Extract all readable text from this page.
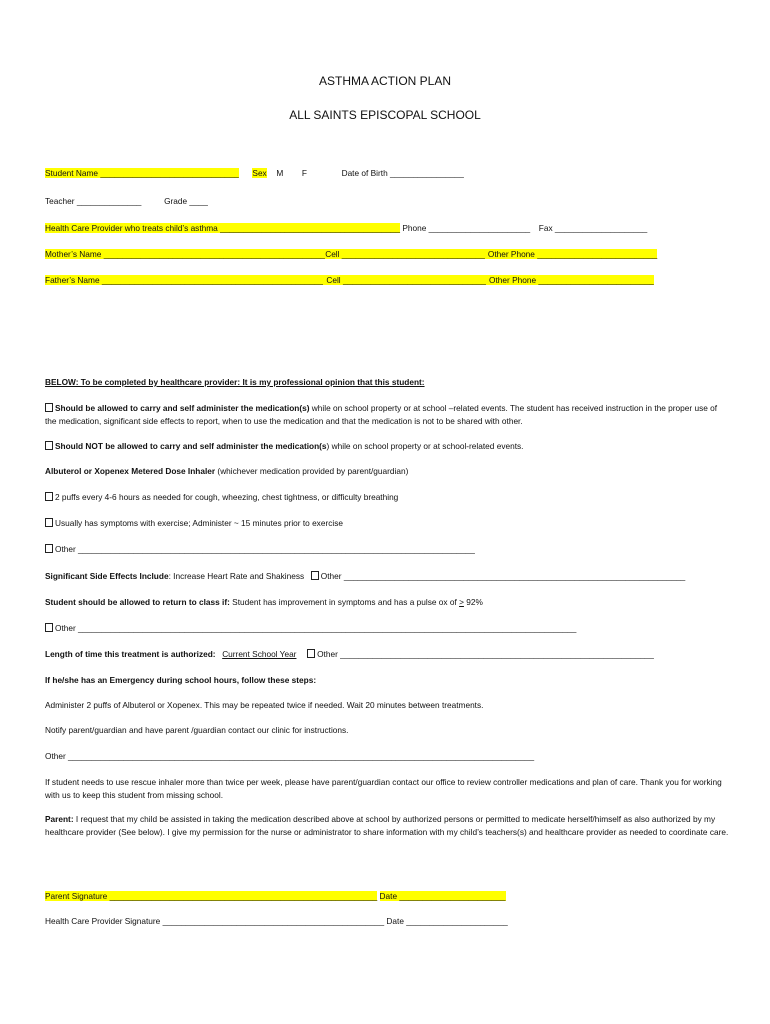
ASTHMA ACTION PLAN
ALL SAINTS EPISCOPAL SCHOOL
Student Name ______________________________ Sex M F	Date of Birth ________________
Teacher ______________	Grade ____
Health Care Provider who treats child’s asthma _______________________________________ Phone ______________________ Fax ____________________
Mother’s Name ________________________________________________Cell _______________________________ Other Phone __________________________
Father’s Name ________________________________________________ Cell _______________________________ Other Phone _________________________
BELOW: To be completed by healthcare provider: It is my professional opinion that this student:
Should be allowed to carry and self administer the medication(s) while on school property or at school –related events. The student has received instruction in the proper use of the medication, significant side effects to report, when to use the medication and that the medication is not to be shared with other.
Should NOT be allowed to carry and self administer the medication(s) while on school property or at school-related events.
Albuterol or Xopenex Metered Dose Inhaler (whichever medication provided by parent/guardian)
2 puffs every 4-6 hours as needed for cough, wheezing, chest tightness, or difficulty breathing
Usually has symptoms with exercise; Administer ~ 15 minutes prior to exercise
Other ______________________________________________________________________________________
Significant Side Effects Include: Increase Heart Rate and Shakiness Other __________________________________________________________________________
Student should be allowed to return to class if: Student has improvement in symptoms and has a pulse ox of ≥ 92%
Other ____________________________________________________________________________________________________________
Length of time this treatment is authorized: Current School Year Other ____________________________________________________________________
If he/she has an Emergency during school hours, follow these steps:
Administer 2 puffs of Albuterol or Xopenex. This may be repeated twice if needed. Wait 20 minutes between treatments.
Notify parent/guardian and have parent /guardian contact our clinic for instructions.
Other _____________________________________________________________________________________________________
If student needs to use rescue inhaler more than twice per week, please have parent/guardian contact our office to review controller medications and plan of care. Thank you for working with us to keep this student from missing school.
Parent: I request that my child be assisted in taking the medication described above at school by authorized persons or permitted to medicate herself/himself as also authorized by my healthcare provider (See below). I give my permission for the nurse or administrator to share information with my child’s teachers(s) and healthcare provider as needed to coordinate care.
Parent Signature __________________________________________________________ Date _______________________
Health Care Provider Signature ________________________________________________ Date ______________________
